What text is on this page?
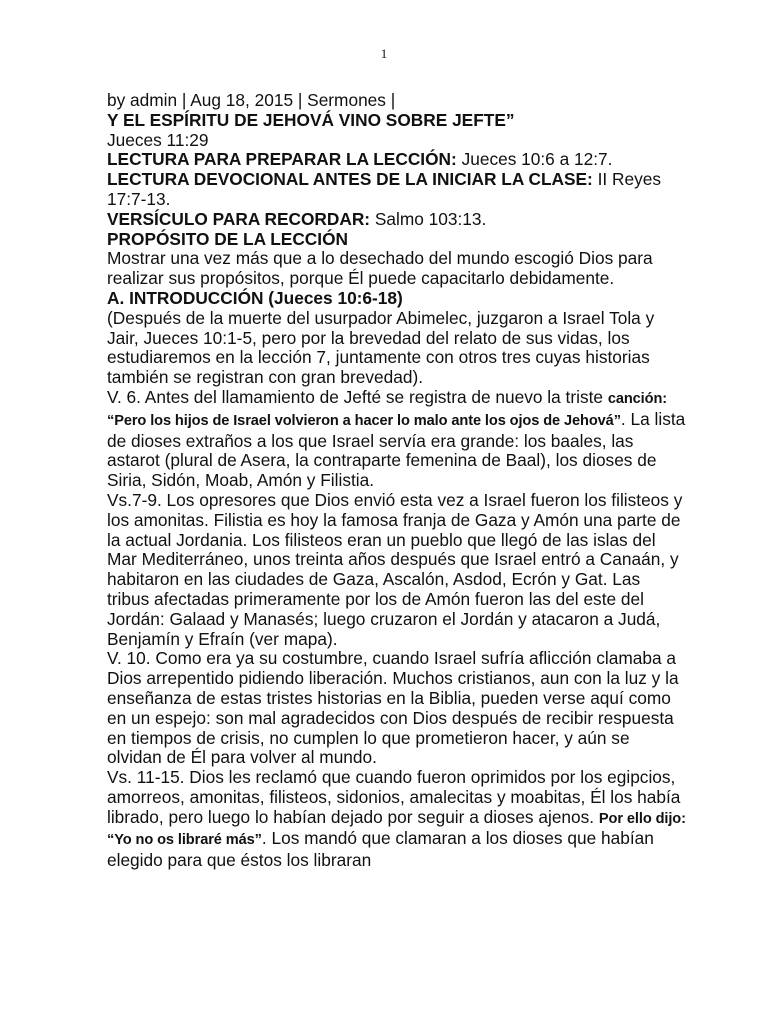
1

by admin | Aug 18, 2015 | Sermones |

Y EL ESPÍRITU DE JEHOVÁ VINO SOBRE JEFTE”

Jueces 11:29

LECTURA PARA PREPARAR LA LECCIÓN: Jueces 10:6 a 12:7.

LECTURA DEVOCIONAL ANTES DE LA INICIAR LA CLASE: II Reyes 17:7-13.

VERSÍCULO PARA RECORDAR: Salmo 103:13.

PROPÓSITO DE LA LECCIÓN

Mostrar una vez más que a lo desechado del mundo escogió Dios para realizar sus propósitos, porque Él puede capacitarlo debidamente.

A. INTRODUCCIÓN (Jueces 10:6-18)

(Después de la muerte del usurpador Abimelec, juzgaron a Israel Tola y Jair, Jueces 10:1-5, pero por la brevedad del relato de sus vidas, los estudiaremos en la lección 7, juntamente con otros tres cuyas historias también se registran con gran brevedad).

V. 6. Antes del llamamiento de Jefté se registra de nuevo la triste canción: “Pero los hijos de Israel volvieron a hacer lo malo ante los ojos de Jehová”. La lista de dioses extraños a los que Israel servía era grande: los baales, las astarot (plural de Asera, la contraparte femenina de Baal), los dioses de Siria, Sidón, Moab, Amón y Filistia.

Vs.7-9. Los opresores que Dios envió esta vez a Israel fueron los filisteos y los amonitas. Filistia es hoy la famosa franja de Gaza y Amón una parte de la actual Jordania. Los filisteos eran un pueblo que llegó de las islas del Mar Mediterráneo, unos treinta años después que Israel entró a Canaán, y habitaron en las ciudades de Gaza, Ascalón, Asdod, Ecrón y Gat. Las tribus afectadas primeramente por los de Amón fueron las del este del Jordán: Galaad y Manasés; luego cruzaron el Jordán y atacaron a Judá, Benjamín y Efraín (ver mapa).

V. 10. Como era ya su costumbre, cuando Israel sufría aflicción clamaba a Dios arrepentido pidiendo liberación. Muchos cristianos, aun con la luz y la enseñanza de estas tristes historias en la Biblia, pueden verse aquí como en un espejo: son mal agradecidos con Dios después de recibir respuesta en tiempos de crisis, no cumplen lo que prometieron hacer, y aún se olvidan de Él para volver al mundo.

Vs. 11-15. Dios les reclamó que cuando fueron oprimidos por los egipcios, amorreos, amonitas, filisteos, sidonios, amalecitas y moabitas, Él los había librado, pero luego lo habían dejado por seguir a dioses ajenos. Por ello dijo: “Yo no os libraré más”. Los mandó que clamaran a los dioses que habían elegido para que éstos los libraran
